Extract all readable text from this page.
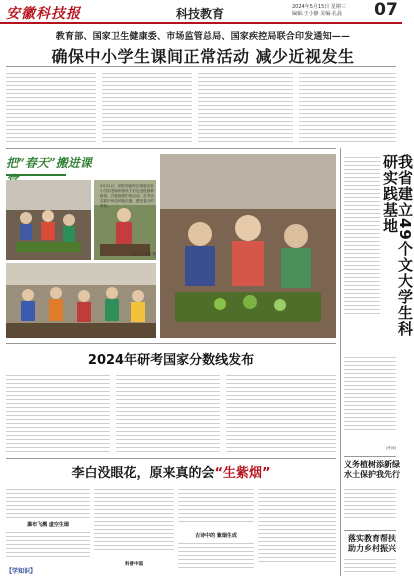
安徽科技报	科技教育	2024年5月15日 星期三
编辑:王小静 美编:孔晨 07
教育部、国家卫生健康委、市场监管总局、国家疾控局联合印发通知——
确保中小学生课间正常活动 减少近视发生
把“春天”搬进课
3月21日，阜阳市颍州区城南实验小学的老师带领孩子们走进校园种植园，开展植树护绿活动，在劳动实践中体验种植乐趣，感受春天的美好。
王金生 方鹏 摄
2024年研考国家分数线发布
李白没眼花，原来真的会“生紫烟”
瀑布飞溅 虚空生烟
【学知识】
科普中国
古诗中的 紫烟生成
我省建立49个文大学生科研实践基地
(许沛)
义务植树添新绿 水土保护我先行
落实教育帮扶 助力乡村振兴
